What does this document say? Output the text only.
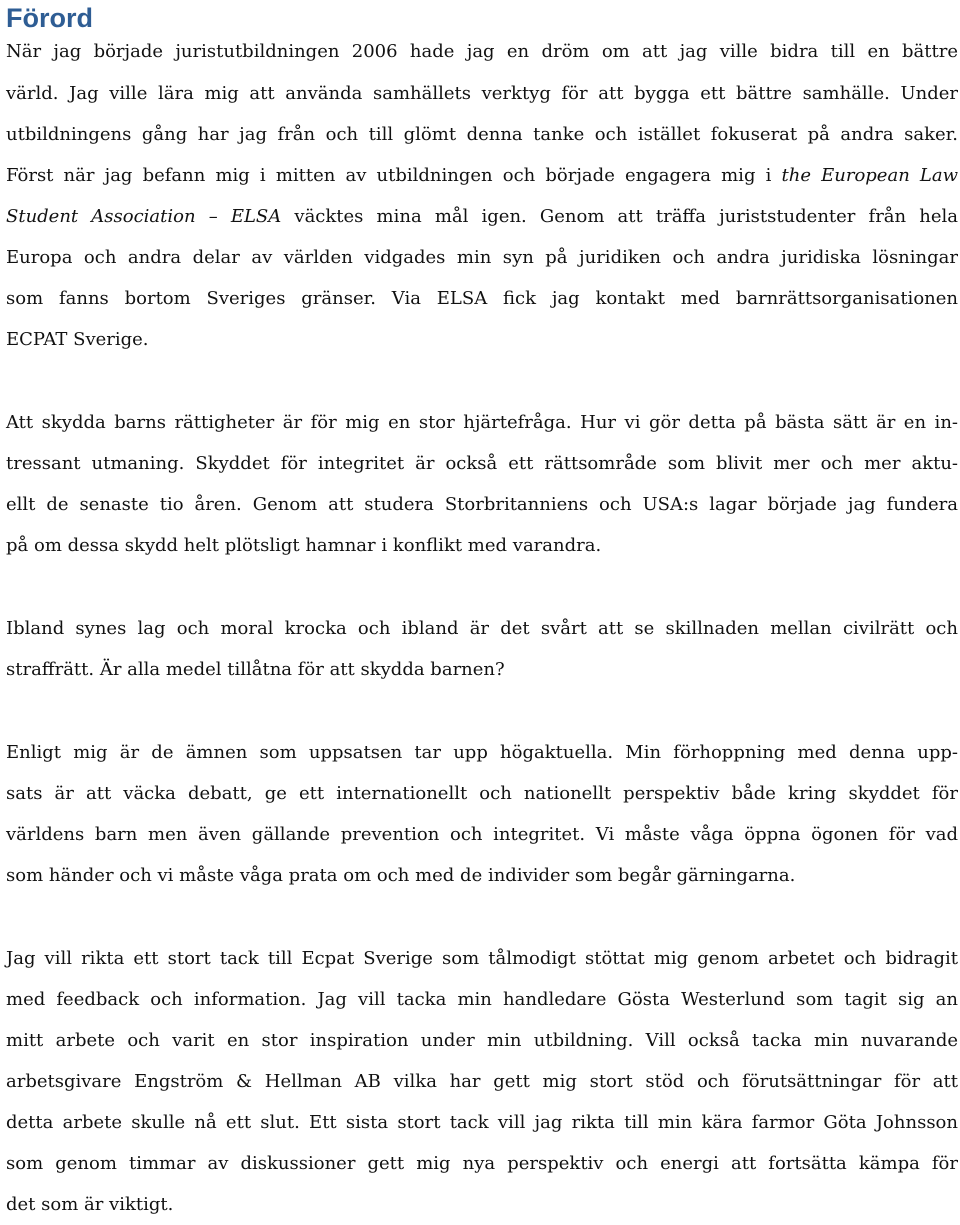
Förord
När jag började juristutbildningen 2006 hade jag en dröm om att jag ville bidra till en bättre
värld. Jag ville lära mig att använda samhällets verktyg för att bygga ett bättre samhälle. Under
utbildningens gång har jag från och till glömt denna tanke och istället fokuserat på andra saker.
Först när jag befann mig i mitten av utbildningen och började engagera mig i the European Law
Student Association – ELSA väcktes mina mål igen. Genom att träffa juriststudenter från hela
Europa och andra delar av världen vidgades min syn på juridiken och andra juridiska lösningar
som fanns bortom Sveriges gränser. Via ELSA fick jag kontakt med barnrättsorganisationen
ECPAT Sverige.
Att skydda barns rättigheter är för mig en stor hjärtefråga. Hur vi gör detta på bästa sätt är en in-
tressant utmaning. Skyddet för integritet är också ett rättsområde som blivit mer och mer aktu-
ellt de senaste tio åren. Genom att studera Storbritanniens och USA:s lagar började jag fundera
på om dessa skydd helt plötsligt hamnar i konflikt med varandra.
Ibland synes lag och moral krocka och ibland är det svårt att se skillnaden mellan civilrätt och
straffrätt. Är alla medel tillåtna för att skydda barnen?
Enligt mig är de ämnen som uppsatsen tar upp högaktuella. Min förhoppning med denna upp-
sats är att väcka debatt, ge ett internationellt och nationellt perspektiv både kring skyddet för
världens barn men även gällande prevention och integritet. Vi måste våga öppna ögonen för vad
som händer och vi måste våga prata om och med de individer som begår gärningarna.
Jag vill rikta ett stort tack till Ecpat Sverige som tålmodigt stöttat mig genom arbetet och bidragit
med feedback och information. Jag vill tacka min handledare Gösta Westerlund som tagit sig an
mitt arbete och varit en stor inspiration under min utbildning. Vill också tacka min nuvarande
arbetsgivare Engström & Hellman AB vilka har gett mig stort stöd och förutsättningar för att
detta arbete skulle nå ett slut. Ett sista stort tack vill jag rikta till min kära farmor Göta Johnsson
som genom timmar av diskussioner gett mig nya perspektiv och energi att fortsätta kämpa för
det som är viktigt.
